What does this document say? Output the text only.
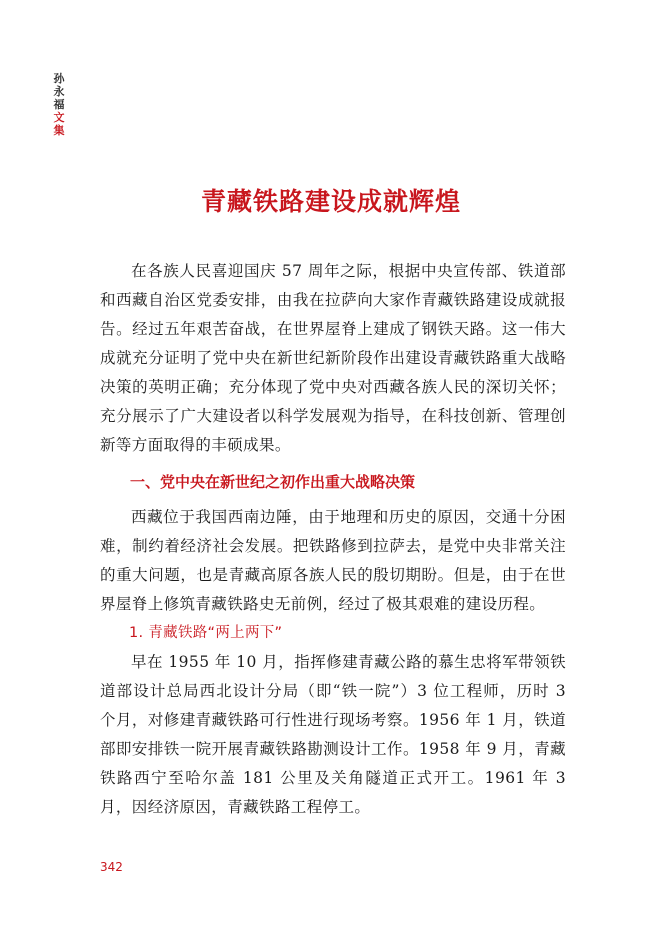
孙永福
文集
青藏铁路建设成就辉煌

在各族人民喜迎国庆 57 周年之际，根据中央宣传部、铁道部和西藏自治区党委安排，由我在拉萨向大家作青藏铁路建设成就报告。经过五年艰苦奋战，在世界屋脊上建成了钢铁天路。这一伟大成就充分证明了党中央在新世纪新阶段作出建设青藏铁路重大战略决策的英明正确；充分体现了党中央对西藏各族人民的深切关怀；充分展示了广大建设者以科学发展观为指导，在科技创新、管理创新等方面取得的丰硕成果。

一、党中央在新世纪之初作出重大战略决策

西藏位于我国西南边陲，由于地理和历史的原因，交通十分困难，制约着经济社会发展。把铁路修到拉萨去，是党中央非常关注的重大问题，也是青藏高原各族人民的殷切期盼。但是，由于在世界屋脊上修筑青藏铁路史无前例，经过了极其艰难的建设历程。

1. 青藏铁路“两上两下”

早在 1955 年 10 月，指挥修建青藏公路的慕生忠将军带领铁道部设计总局西北设计分局（即“铁一院”）3 位工程师，历时 3 个月，对修建青藏铁路可行性进行现场考察。1956 年 1 月，铁道部即安排铁一院开展青藏铁路勘测设计工作。1958 年 9 月，青藏铁路西宁至哈尔盖 181 公里及关角隧道正式开工。1961 年 3 月，因经济原因，青藏铁路工程停工。

342
